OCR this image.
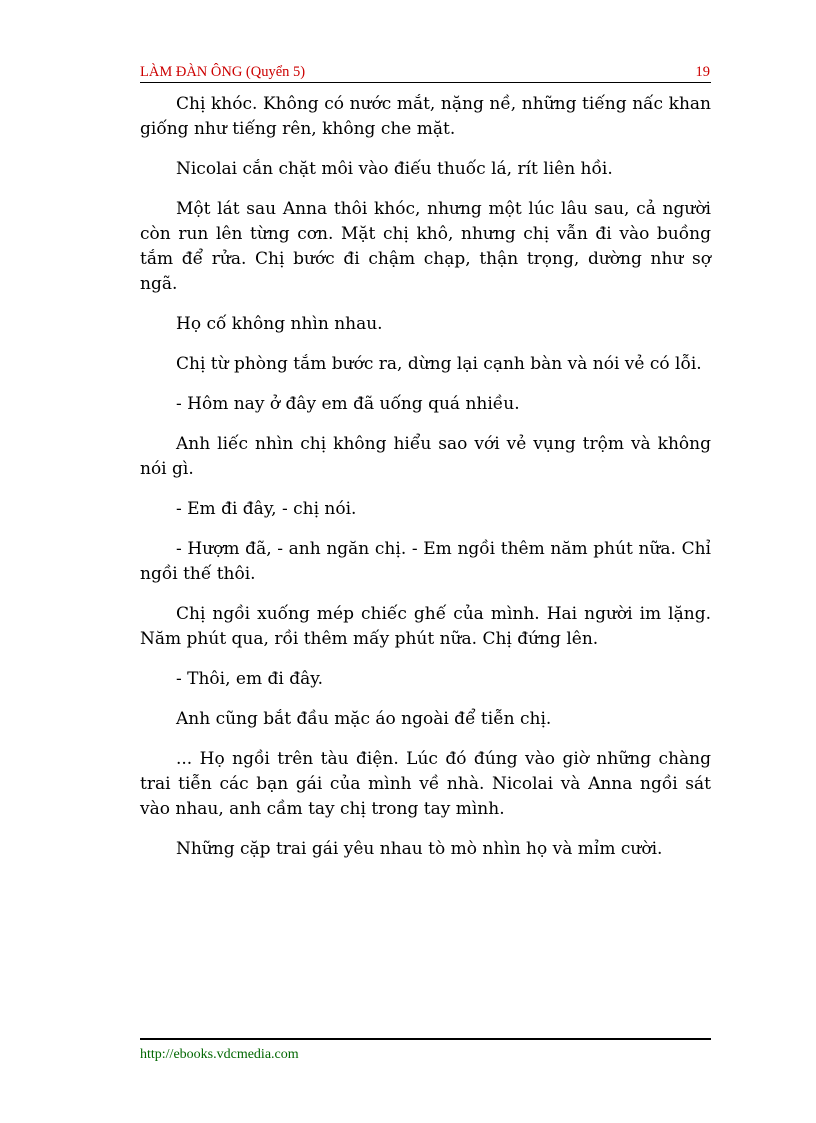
LÀM ĐÀN ÔNG (Quyển 5)	19

Chị khóc. Không có nước mắt, nặng nề, những tiếng nấc khan giống như tiếng rên, không che mặt.

Nicolai cắn chặt môi vào điếu thuốc lá, rít liên hồi.

Một lát sau Anna thôi khóc, nhưng một lúc lâu sau, cả người còn run lên từng cơn. Mặt chị khô, nhưng chị vẫn đi vào buồng tắm để rửa. Chị bước đi chậm chạp, thận trọng, dường như sợ ngã.

Họ cố không nhìn nhau.

Chị từ phòng tắm bước ra, dừng lại cạnh bàn và nói vẻ có lỗi.

- Hôm nay ở đây em đã uống quá nhiều.

Anh liếc nhìn chị không hiểu sao với vẻ vụng trộm và không nói gì.

- Em đi đây, - chị nói.

- Hượm đã, - anh ngăn chị. - Em ngồi thêm năm phút nữa. Chỉ ngồi thế thôi.

Chị ngồi xuống mép chiếc ghế của mình. Hai người im lặng. Năm phút qua, rồi thêm mấy phút nữa. Chị đứng lên.

- Thôi, em đi đây.

Anh cũng bắt đầu mặc áo ngoài để tiễn chị.

... Họ ngồi trên tàu điện. Lúc đó đúng vào giờ những chàng trai tiễn các bạn gái của mình về nhà. Nicolai và Anna ngồi sát vào nhau, anh cầm tay chị trong tay mình.

Những cặp trai gái yêu nhau tò mò nhìn họ và mỉm cười.

http://ebooks.vdcmedia.com
